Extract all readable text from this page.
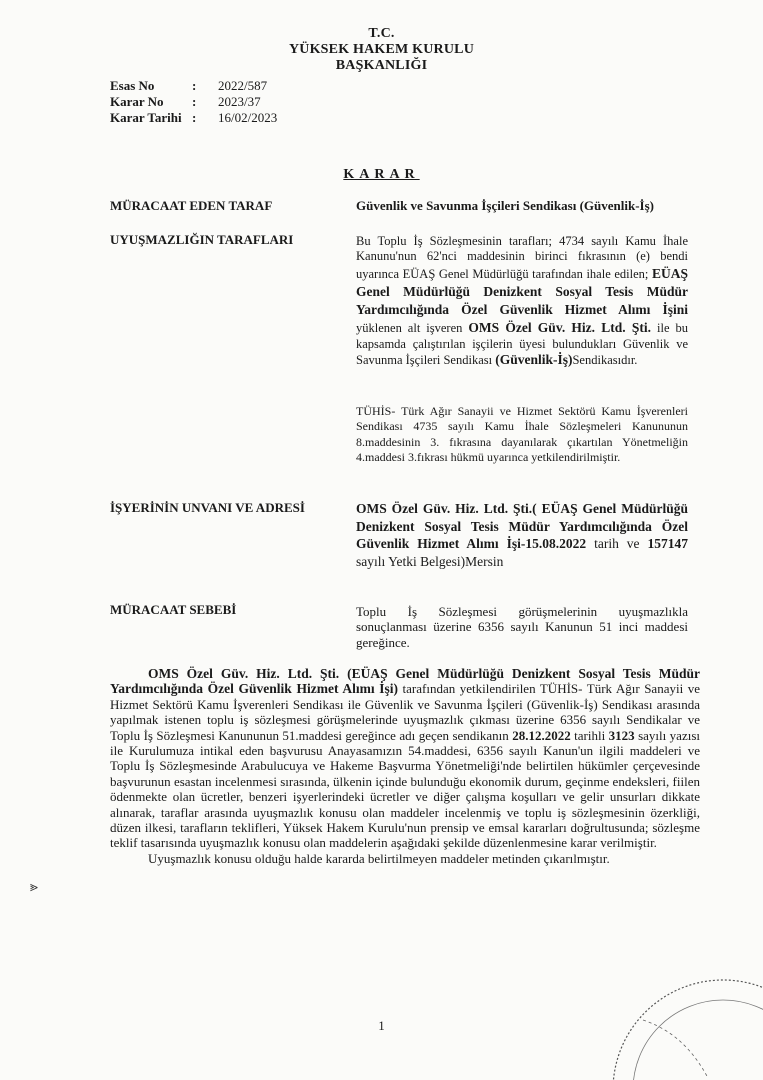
T.C.
YÜKSEK HAKEM KURULU
BAŞKANLIĞI
Esas No	:	2022/587
Karar No	:	2023/37
Karar Tarihi :	16/02/2023
KARAR
MÜRACAAT EDEN TARAF	Güvenlik ve Savunma İşçileri Sendikası (Güvenlik-İş)
UYUŞMAZLIĞIN TARAFLARI	Bu Toplu İş Sözleşmesinin tarafları; 4734 sayılı Kamu İhale Kanunu'nun 62'nci maddesinin birinci fıkrasının (e) bendi uyarınca EÜAŞ Genel Müdürlüğü tarafından ihale edilen; EÜAŞ Genel Müdürlüğü Denizkent Sosyal Tesis Müdür Yardımcılığında Özel Güvenlik Hizmet Alımı İşini yüklenen alt işveren OMS Özel Güv. Hiz. Ltd. Şti. ile bu kapsamda çalıştırılan işçilerin üyesi bulundukları Güvenlik ve Savunma İşçileri Sendikası (Güvenlik-İş)Sendikasıdır.
TÜHİS- Türk Ağır Sanayii ve Hizmet Sektörü Kamu İşverenleri Sendikası 4735 sayılı Kamu İhale Sözleşmeleri Kanununun 8.maddesinin 3. fıkrasına dayanılarak çıkartılan Yönetmeliğin 4.maddesi 3.fıkrası hükmü uyarınca yetkilendirilmiştir.
İŞYERİNİN UNVANI VE ADRESİ	OMS Özel Güv. Hiz. Ltd. Şti.( EÜAŞ Genel Müdürlüğü Denizkent Sosyal Tesis Müdür Yardımcılığında Özel Güvenlik Hizmet Alımı İşi-15.08.2022 tarih ve 157147 sayılı Yetki Belgesi)Mersin
MÜRACAAT SEBEBİ	Toplu İş Sözleşmesi görüşmelerinin uyuşmazlıkla sonuçlanması üzerine 6356 sayılı Kanunun 51 inci maddesi gereğince.

OMS Özel Güv. Hiz. Ltd. Şti. (EÜAŞ Genel Müdürlüğü Denizkent Sosyal Tesis Müdür Yardımcılığında Özel Güvenlik Hizmet Alımı İşi) tarafından yetkilendirilen TÜHİS- Türk Ağır Sanayii ve Hizmet Sektörü Kamu İşverenleri Sendikası ile Güvenlik ve Savunma İşçileri (Güvenlik-İş) Sendikası arasında yapılmak istenen toplu iş sözleşmesi görüşmelerinde uyuşmazlık çıkması üzerine 6356 sayılı Sendikalar ve Toplu İş Sözleşmesi Kanununun 51.maddesi gereğince adı geçen sendikanın 28.12.2022 tarihli 3123 sayılı yazısı ile Kurulumuza intikal eden başvurusu Anayasamızın 54.maddesi, 6356 sayılı Kanun'un ilgili maddeleri ve Toplu İş Sözleşmesinde Arabulucuya ve Hakeme Başvurma Yönetmeliği'nde belirtilen hükümler çerçevesinde başvurunun esastan incelenmesi sırasında, ülkenin içinde bulunduğu ekonomik durum, geçinme endeksleri, fiilen ödenmekte olan ücretler, benzeri işyerlerindeki ücretler ve diğer çalışma koşulları ve gelir unsurları dikkate alınarak, taraflar arasında uyuşmazlık konusu olan maddeler incelenmiş ve toplu iş sözleşmesinin özerkliği, düzen ilkesi, tarafların teklifleri, Yüksek Hakem Kurulu'nun prensip ve emsal kararları doğrultusunda; sözleşme teklif tasarısında uyuşmazlık konusu olan maddelerin aşağıdaki şekilde düzenlenmesine karar verilmiştir.

Uyuşmazlık konusu olduğu halde kararda belirtilmeyen maddeler metinden çıkarılmıştır.

⪢
1
